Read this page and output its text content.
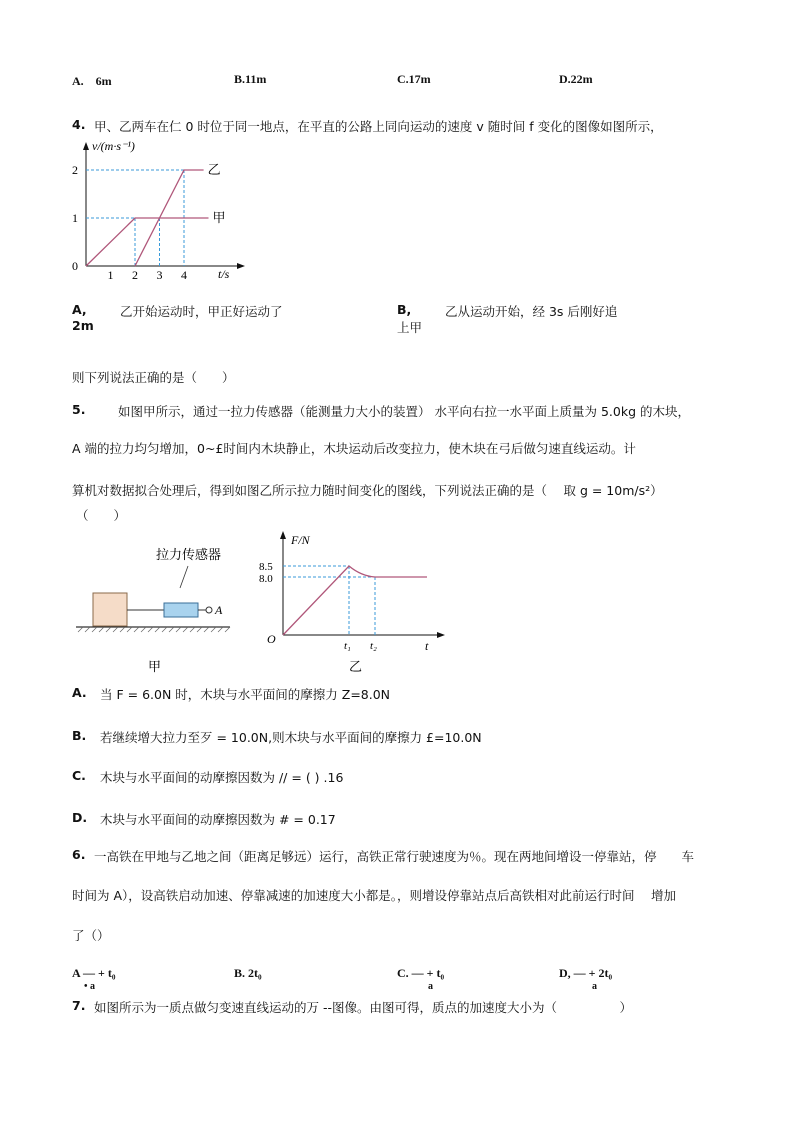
A.　6m	B.11m	C.17m	D.22m
4. 甲、乙两车在仁 0 时位于同一地点，在平直的公路上同向运动的速度 v 随时间 f 变化的图像如图所示，
v/(m·s⁻¹)
t/s
0
1
2
1 2 3 4
甲
乙
A,	乙开始运动时，甲正好运动了
2m
B,	乙从运动开始，经 3s 后刚好追
上甲
则下列说法正确的是（　　）
5.	如图甲所示，通过一拉力传感器（能测量力大小的装置） 水平向右拉一水平面上质量为 5.0kg 的木块，
A 端的拉力均匀增加，0~£时间内木块静止，木块运动后改变拉力，使木块在弓后做匀速直线运动。计
算机对数据拟合处理后，得到如图乙所示拉力随时间变化的图线，下列说法正确的是（　 取 g = 10m/s²）
（　　）
拉力传感器
A
甲
F/N
t
O
8.5
8.0
t₁ t₂
乙
A. 当 F = 6.0N 时，木块与水平面间的摩擦力 Z=8.0N
B. 若继续增大拉力至歹 = 10.0N,则木块与水平面间的摩擦力 £=10.0N
C. 木块与水平面间的动摩擦因数为 // = ( ) .16
D. 木块与水平面间的动摩擦因数为 # = 0.17
6. 一高铁在甲地与乙地之间（距离足够远）运行，高铁正常行驶速度为％。现在两地间增设一停靠站，停　　车
时间为 A），设高铁启动加速、停靠减速的加速度大小都是。，则增设停靠站点后高铁相对此前运行时间　 增加
了（）
A — + t₀
• a
B. 2t₀	C. — + t₀
a
D, — + 2t₀
a
7. 如图所示为一质点做匀变速直线运动的万 --图像。由图可得，质点的加速度大小为（　　　　　）
